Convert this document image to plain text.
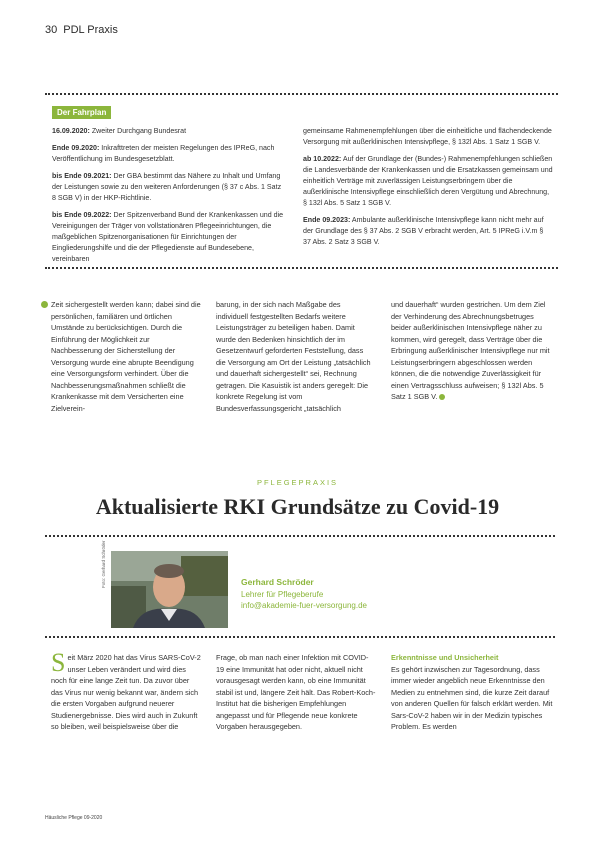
30 PDL Praxis
Der Fahrplan

16.09.2020: Zweiter Durchgang Bundesrat

Ende 09.2020: Inkrafttreten der meisten Regelungen des IPReG, nach Veröffentlichung im Bundesgesetzblatt.

bis Ende 09.2021: Der GBA bestimmt das Nähere zu Inhalt und Umfang der Leistungen sowie zu den weiteren Anforderungen (§ 37 c Abs. 1 Satz 8 SGB V) in der HKP-Richtlinie.

bis Ende 09.2022: Der Spitzenverband Bund der Krankenkassen und die Vereinigungen der Träger von vollstationären Pflegeeinrichtungen, die maßgeblichen Spitzenorganisationen für Einrichtungen der Eingliederungshilfe und die der Pflegedienste auf Bundesebene, vereinbaren

gemeinsame Rahmenempfehlungen über die einheitliche und flächendeckende Versorgung mit außerklinischen Intensivpflege, § 132l Abs. 1 Satz 1 SGB V.

ab 10.2022: Auf der Grundlage der (Bundes-) Rahmenempfehlungen schließen die Landesverbände der Krankenkassen und die Ersatzkassen gemeinsam und einheitlich Verträge mit zuverlässigen Leistungserbringern über die außerklinische Intensivpflege einschließlich deren Vergütung und Abrechnung, § 132l Abs. 5 Satz 1 SGB V.

Ende 09.2023: Ambulante außerklinische Intensivpflege kann nicht mehr auf der Grundlage des § 37 Abs. 2 SGB V erbracht werden, Art. 5 IPReG i.V.m § 37 Abs. 2 Satz 3 SGB V.

Zeit sichergestellt werden kann; dabei sind die persönlichen, familiären und örtlichen Umstände zu berücksichtigen. Durch die Einführung der Möglichkeit zur Nachbesserung der Sicherstellung der Versorgung wurde eine abrupte Beendigung eine Versorgungsform verhindert. Über die Nachbesserungsmaßnahmen schließt die Krankenkasse mit dem Versicherten eine Zielverein-
barung, in der sich nach Maßgabe des individuell festgestellten Bedarfs weitere Leistungsträger zu beteiligen haben. Damit wurde den Bedenken hinsichtlich der im Gesetzentwurf geforderten Feststellung, dass die Versorgung am Ort der Leistung „tatsächlich und dauerhaft sichergestellt“ sei, Rechnung getragen. Die Kasuistik ist anders geregelt: Die konkrete Regelung ist vom Bundesverfassungsgericht „tatsächlich
und dauerhaft“ wurden gestrichen. Um dem Ziel der Verhinderung des Abrechnungsbetruges beider außerklinischen Intensivpflege näher zu kommen, wird geregelt, dass Verträge über die Erbringung außerklinischer Intensivpflege nur mit Leistungserbringern abgeschlossen werden können, die die notwendige Zuverlässigkeit für einen Vertragsschluss aufweisen; § 132l Abs. 5 Satz 1 SGB V.
PFLEGEPRAXIS
Aktualisierte RKI Grundsätze zu Covid-19
Foto: Gerhard Schröder	Gerhard Schröder
Lehrer für Pflegeberufe
info@akademie-fuer-versorgung.de
Seit März 2020 hat das Virus SARS-CoV-2 unser Leben verändert und wird dies noch für eine lange Zeit tun. Da zuvor über das Virus nur wenig bekannt war, ändern sich die ersten Vorgaben aufgrund neuerer Studienergebnisse. Dies wird auch in Zukunft so bleiben, weil beispielsweise über die
Frage, ob man nach einer Infektion mit COVID-19 eine Immunität hat oder nicht, aktuell nicht vorausgesagt werden kann, ob eine Immunität stabil ist und, längere Zeit hält. Das Robert-Koch-Institut hat die bisherigen Empfehlungen angepasst und für Pflegende neue konkrete Vorgaben herausgegeben.
Erkenntnisse und Unsicherheit
Es gehört inzwischen zur Tagesordnung, dass immer wieder angeblich neue Erkenntnisse den Medien zu entnehmen sind, die kurze Zeit darauf von anderen Quellen für falsch erklärt werden. Mit Sars-CoV-2 haben wir in der Medizin typisches Problem. Es werden
Häusliche Pflege 09-2020
